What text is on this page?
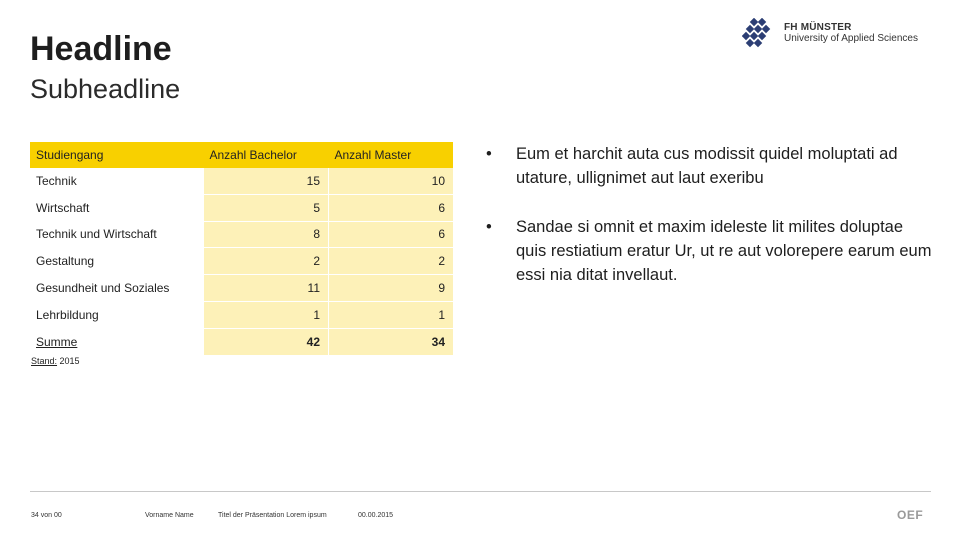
Headline
Subheadline
FH MÜNSTER
University of Applied Sciences
Studiengang	Anzahl Bachelor	Anzahl Master
Technik	15	10
Wirtschaft	5	6
Technik und Wirtschaft	8	6
Gestaltung	2	2
Gesundheit und Soziales	11	9
Lehrbildung	1	1
Summe	42	34
Stand: 2015
• Eum et harchit auta cus modissit quidel moluptati ad utature, ullignimet aut laut exeribu
• Sandae si omnit et maxim ideleste lit milites doluptae quis restiatium eratur Ur, ut re aut volorepere earum eum essi nia ditat invellaut.
34 von 00	Vorname Name	Titel der Präsentation Lorem ipsum	00.00.2015	OEF
